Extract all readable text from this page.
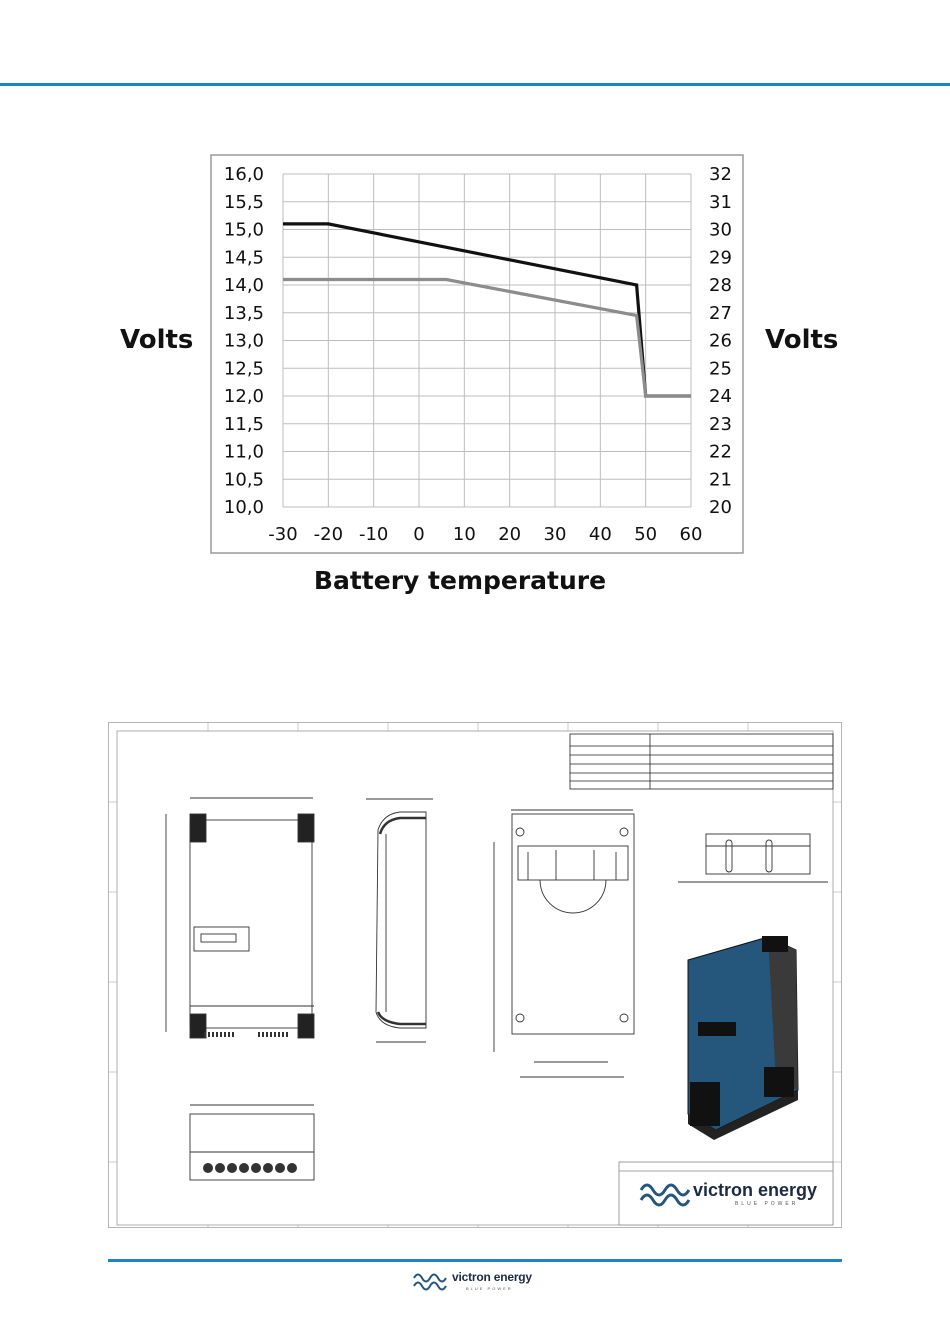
16,0
15,5
15,0
14,5
14,0
13,5
13,0
12,5
12,0
11,5
11,0
10,5
10,0
32
31
30
29
28
27
26
25
24
23
22
21
20
-30 -20 -10 0 10 20 30 40 50 60
Volts	Volts
Battery temperature
victron energy
BLUE POWER
victron energy
BLUE POWER
